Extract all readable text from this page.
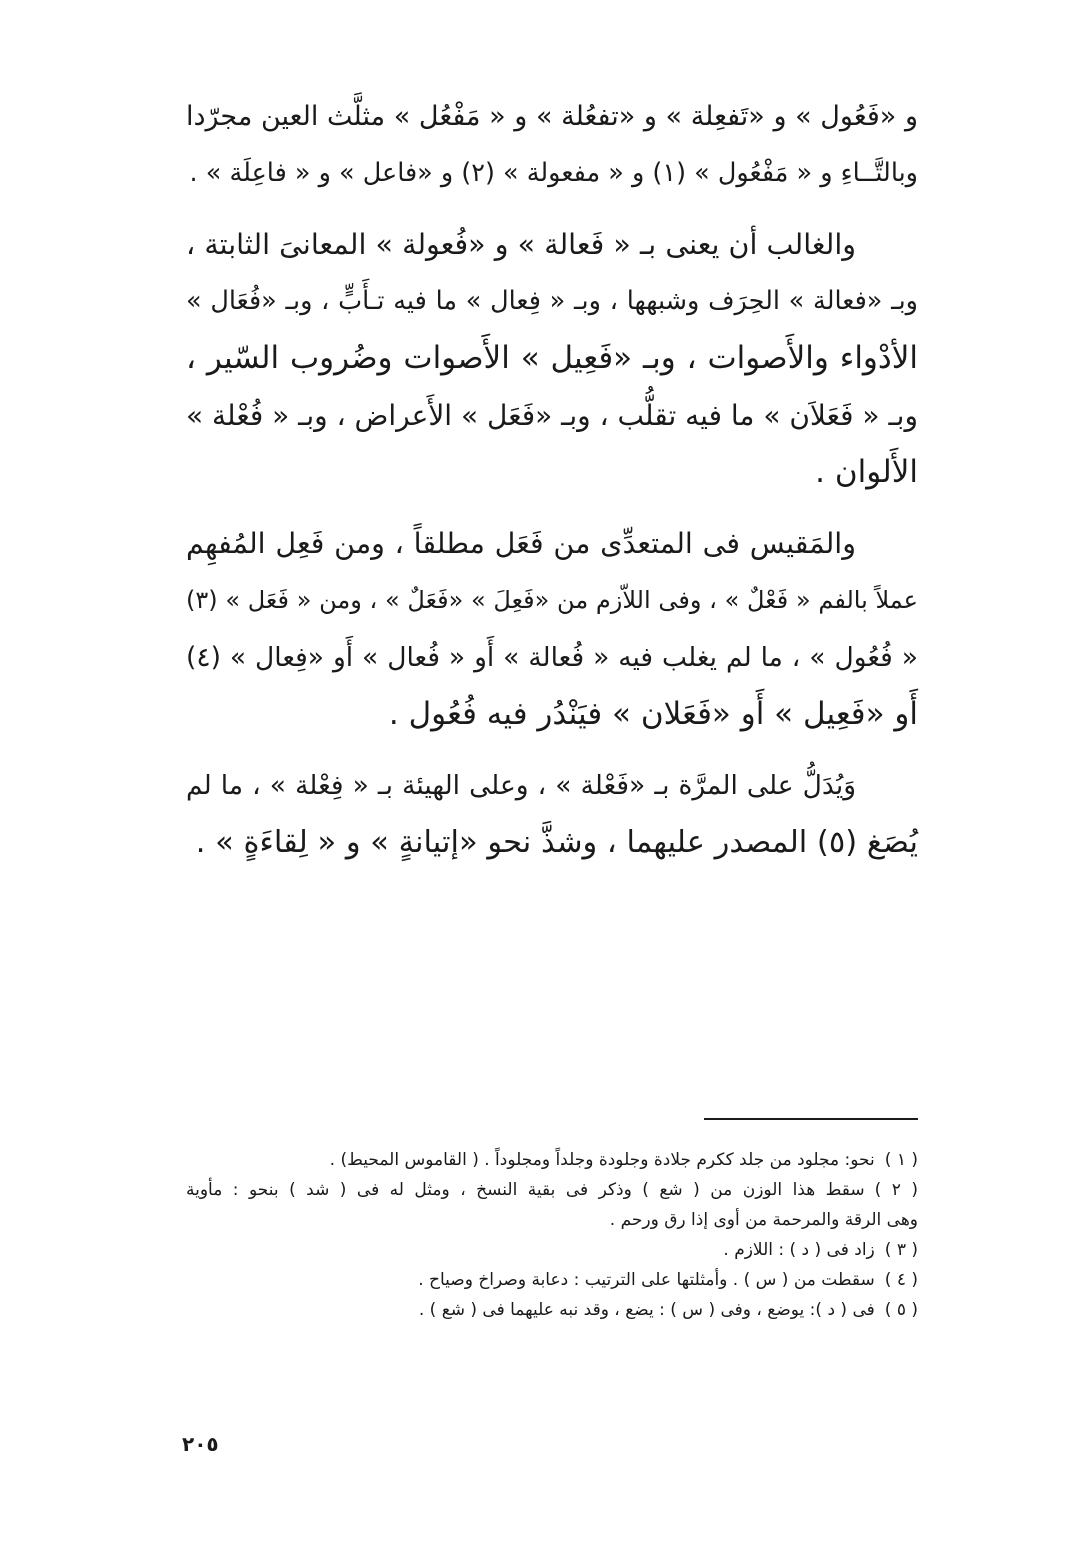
و «فَعُول » و «تَفعِلة » و «تفعُلة » و « مَفْعُل » مثلَّث العين مجرّدا
وبالتَّــاءِ و « مَفْعُول » (١) و « مفعولة » (٢) و «فاعل » و « فاعِلَة » .
والغالب أن يعنى بـ « فَعالة » و «فُعولة » المعانىَ الثابتة ،
وبـ «فعالة » الحِرَف وشبهها ، وبـ « فِعال » ما فيه تـأَبٍّ ، وبـ «فُعَال »
الأدْواء والأَصوات ، وبـ «فَعِيل » الأَصوات وضُروب السّير ،
وبـ « فَعَلاَن » ما فيه تقلُّب ، وبـ «فَعَل » الأَعراض ، وبـ « فُعْلة »
الأَلوان .
والمَقيس فى المتعدِّى من فَعَل مطلقاً ، ومن فَعِل المُفهِم
عملاً بالفم « فَعْلٌ » ، وفى اللاّزم من «فَعِلَ » «فَعَلٌ » ، ومن « فَعَل » (٣)
« فُعُول » ، ما لم يغلب فيه « فُعالة » أَو « فُعال » أَو «فِعال » (٤)
أَو «فَعِيل » أَو «فَعَلان » فيَنْدُر فيه فُعُول .
وَيُدَلُّ على المرَّة بـ «فَعْلة » ، وعلى الهيئة بـ « فِعْلة » ، ما لم
يُصَغ (٥) المصدر عليهما ، وشذَّ نحو «إتيانةٍ » و « لِقاءَةٍ » .
( ١ )نحو: مجلود من جلد ككرم جلادة وجلودة وجلداً ومجلوداً . ( القاموس المحيط) .
( ٢ )سقط هذا الوزن من ( شع ) وذكر فى بقية النسخ ، ومثل له فى ( شد ) بنحو : مأوية
وهى الرقة والمرحمة من أوى إذا رق ورحم .
( ٣ )زاد فى ( د ) : اللازم .
( ٤ )سقطت من ( س ) . وأمثلتها على الترتيب : دعابة وصراخ وصياح .
( ٥ )فى ( د ): يوضع ، وفى ( س ) : يضع ، وقد نبه عليهما فى ( شع ) .
٢٠٥
